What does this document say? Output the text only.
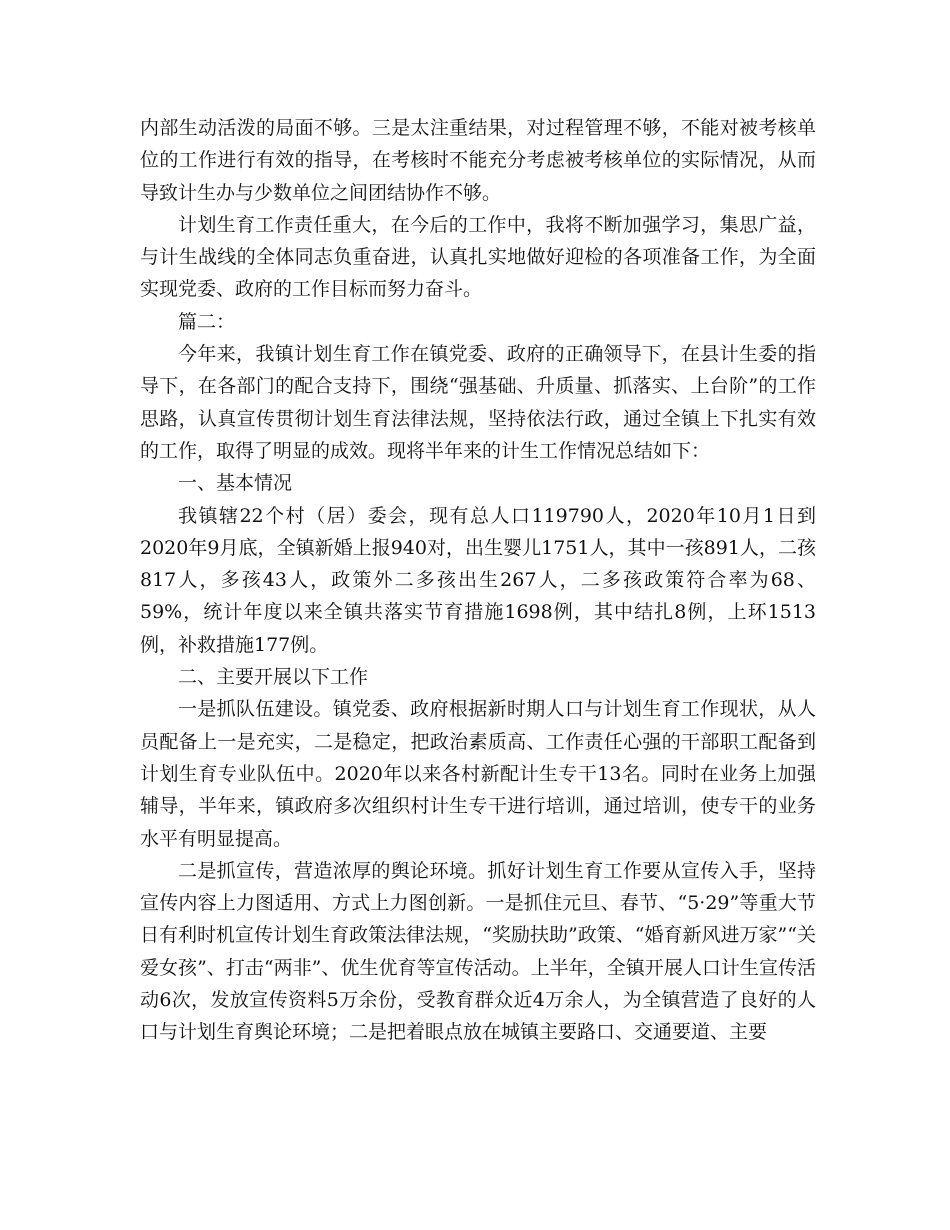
内部生动活泼的局面不够。三是太注重结果，对过程管理不够，不能对被考核单位的工作进行有效的指导，在考核时不能充分考虑被考核单位的实际情况，从而导致计生办与少数单位之间团结协作不够。

计划生育工作责任重大，在今后的工作中，我将不断加强学习，集思广益，与计生战线的全体同志负重奋进，认真扎实地做好迎检的各项准备工作，为全面实现党委、政府的工作目标而努力奋斗。

篇二：

今年来，我镇计划生育工作在镇党委、政府的正确领导下，在县计生委的指导下，在各部门的配合支持下，围绕“强基础、升质量、抓落实、上台阶”的工作思路，认真宣传贯彻计划生育法律法规，坚持依法行政，通过全镇上下扎实有效的工作，取得了明显的成效。现将半年来的计生工作情况总结如下：

一、基本情况

我镇辖22个村（居）委会，现有总人口119790人，2020年10月1日到2020年9月底，全镇新婚上报940对，出生婴儿1751人，其中一孩891人，二孩817人，多孩43人，政策外二多孩出生267人，二多孩政策符合率为68、59%，统计年度以来全镇共落实节育措施1698例，其中结扎8例，上环1513例，补救措施177例。

二、主要开展以下工作

一是抓队伍建设。镇党委、政府根据新时期人口与计划生育工作现状，从人员配备上一是充实，二是稳定，把政治素质高、工作责任心强的干部职工配备到计划生育专业队伍中。2020年以来各村新配计生专干13名。同时在业务上加强辅导，半年来，镇政府多次组织村计生专干进行培训，通过培训，使专干的业务水平有明显提高。

二是抓宣传，营造浓厚的舆论环境。抓好计划生育工作要从宣传入手，坚持宣传内容上力图适用、方式上力图创新。一是抓住元旦、春节、“5·29”等重大节日有利时机宣传计划生育政策法律法规，“奖励扶助”政策、“婚育新风进万家”“关爱女孩”、打击“两非”、优生优育等宣传活动。上半年，全镇开展人口计生宣传活动6次，发放宣传资料5万余份，受教育群众近4万余人，为全镇营造了良好的人口与计划生育舆论环境；二是把着眼点放在城镇主要路口、交通要道、主要
